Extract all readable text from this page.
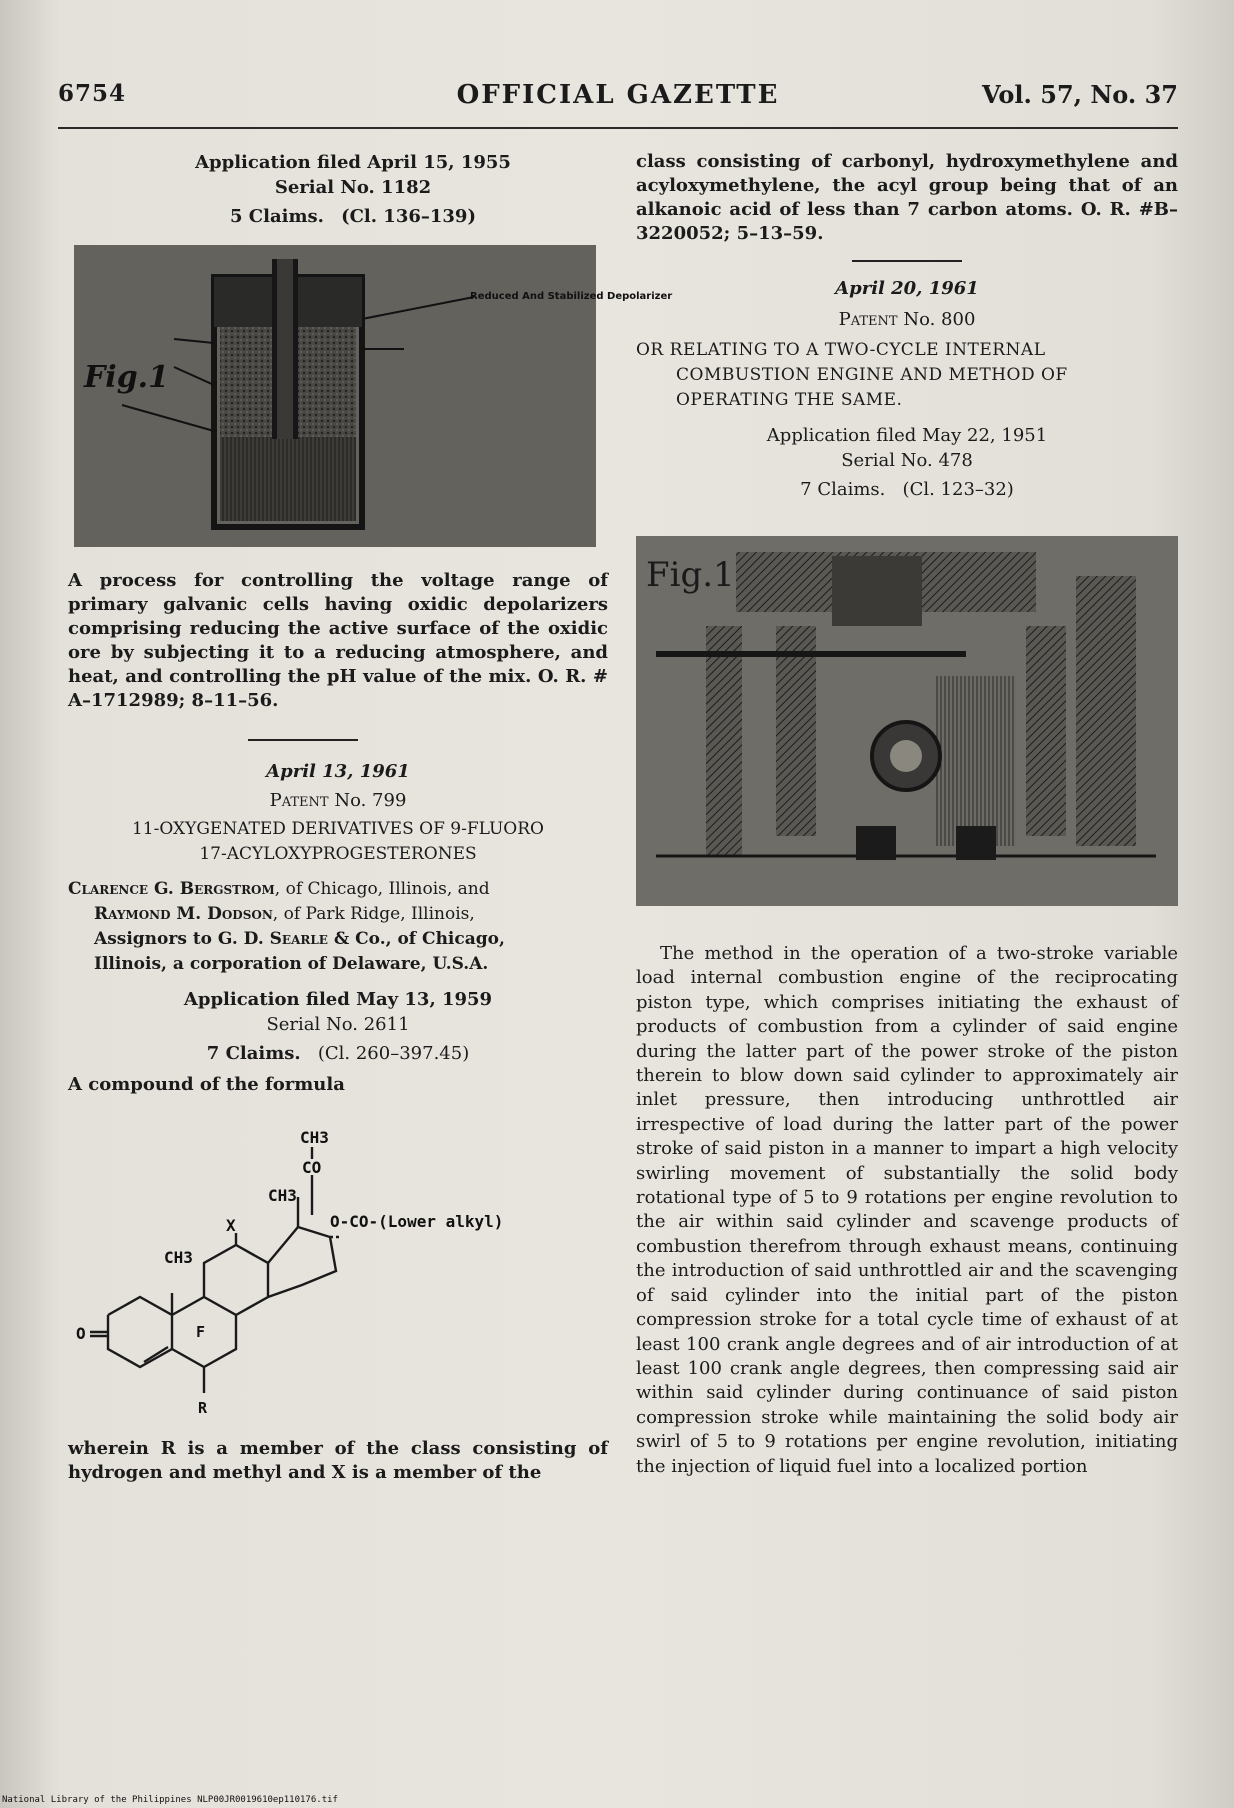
6754	OFFICIAL GAZETTE	Vol. 57, No. 37
Application filed April 15, 1955
Serial No. 1182
5 Claims. (Cl. 136–139)
Reduced And Stabilized Depolarizer
Fig.1

A process for controlling the voltage range of primary galvanic cells having oxidic depolarizers comprising reducing the active surface of the oxidic ore by subjecting it to a reducing atmosphere, and heat, and controlling the pH value of the mix. O. R. # A–1712989; 8–11–56.

April 13, 1961
Patent No. 799
11-OXYGENATED DERIVATIVES OF 9-FLUORO
17-ACYLOXYPROGESTERONES
Clarence G. Bergstrom, of Chicago, Illinois, and
Raymond M. Dodson, of Park Ridge, Illinois,
Assignors to G. D. Searle & Co., of Chicago,
Illinois, a corporation of Delaware, U.S.A.
Application filed May 13, 1959
Serial No. 2611
7 Claims. (Cl. 260–397.45)
A compound of the formula
CH3
CO
CH3
O-CO-(Lower alkyl)
X
CH3
F
O
R

wherein R is a member of the class consisting of hydrogen and methyl and X is a member of the

class consisting of carbonyl, hydroxymethylene and acyloxymethylene, the acyl group being that of an alkanoic acid of less than 7 carbon atoms. O. R. #B–3220052; 5–13–59.

April 20, 1961
Patent No. 800
OR RELATING TO A TWO-CYCLE INTERNAL
COMBUSTION ENGINE AND METHOD OF
OPERATING THE SAME.
Application filed May 22, 1951
Serial No. 478
7 Claims. (Cl. 123–32)
Fig.1

The method in the operation of a two-stroke variable load internal combustion engine of the reciprocating piston type, which comprises initiating the exhaust of products of combustion from a cylinder of said engine during the latter part of the power stroke of the piston therein to blow down said cylinder to approximately air inlet pressure, then introducing unthrottled air irrespective of load during the latter part of the power stroke of said piston in a manner to impart a high velocity swirling movement of substantially the solid body rotational type of 5 to 9 rotations per engine revolution to the air within said cylinder and scavenge products of combustion therefrom through exhaust means, continuing the introduction of said unthrottled air and the scavenging of said cylinder into the initial part of the piston compression stroke for a total cycle time of exhaust of at least 100 crank angle degrees and of air introduction of at least 100 crank angle degrees, then compressing said air within said cylinder during continuance of said piston compression stroke while maintaining the solid body air swirl of 5 to 9 rotations per engine revolution, initiating the injection of liquid fuel into a localized portion

National Library of the Philippines NLP00JR0019610ep110176.tif
